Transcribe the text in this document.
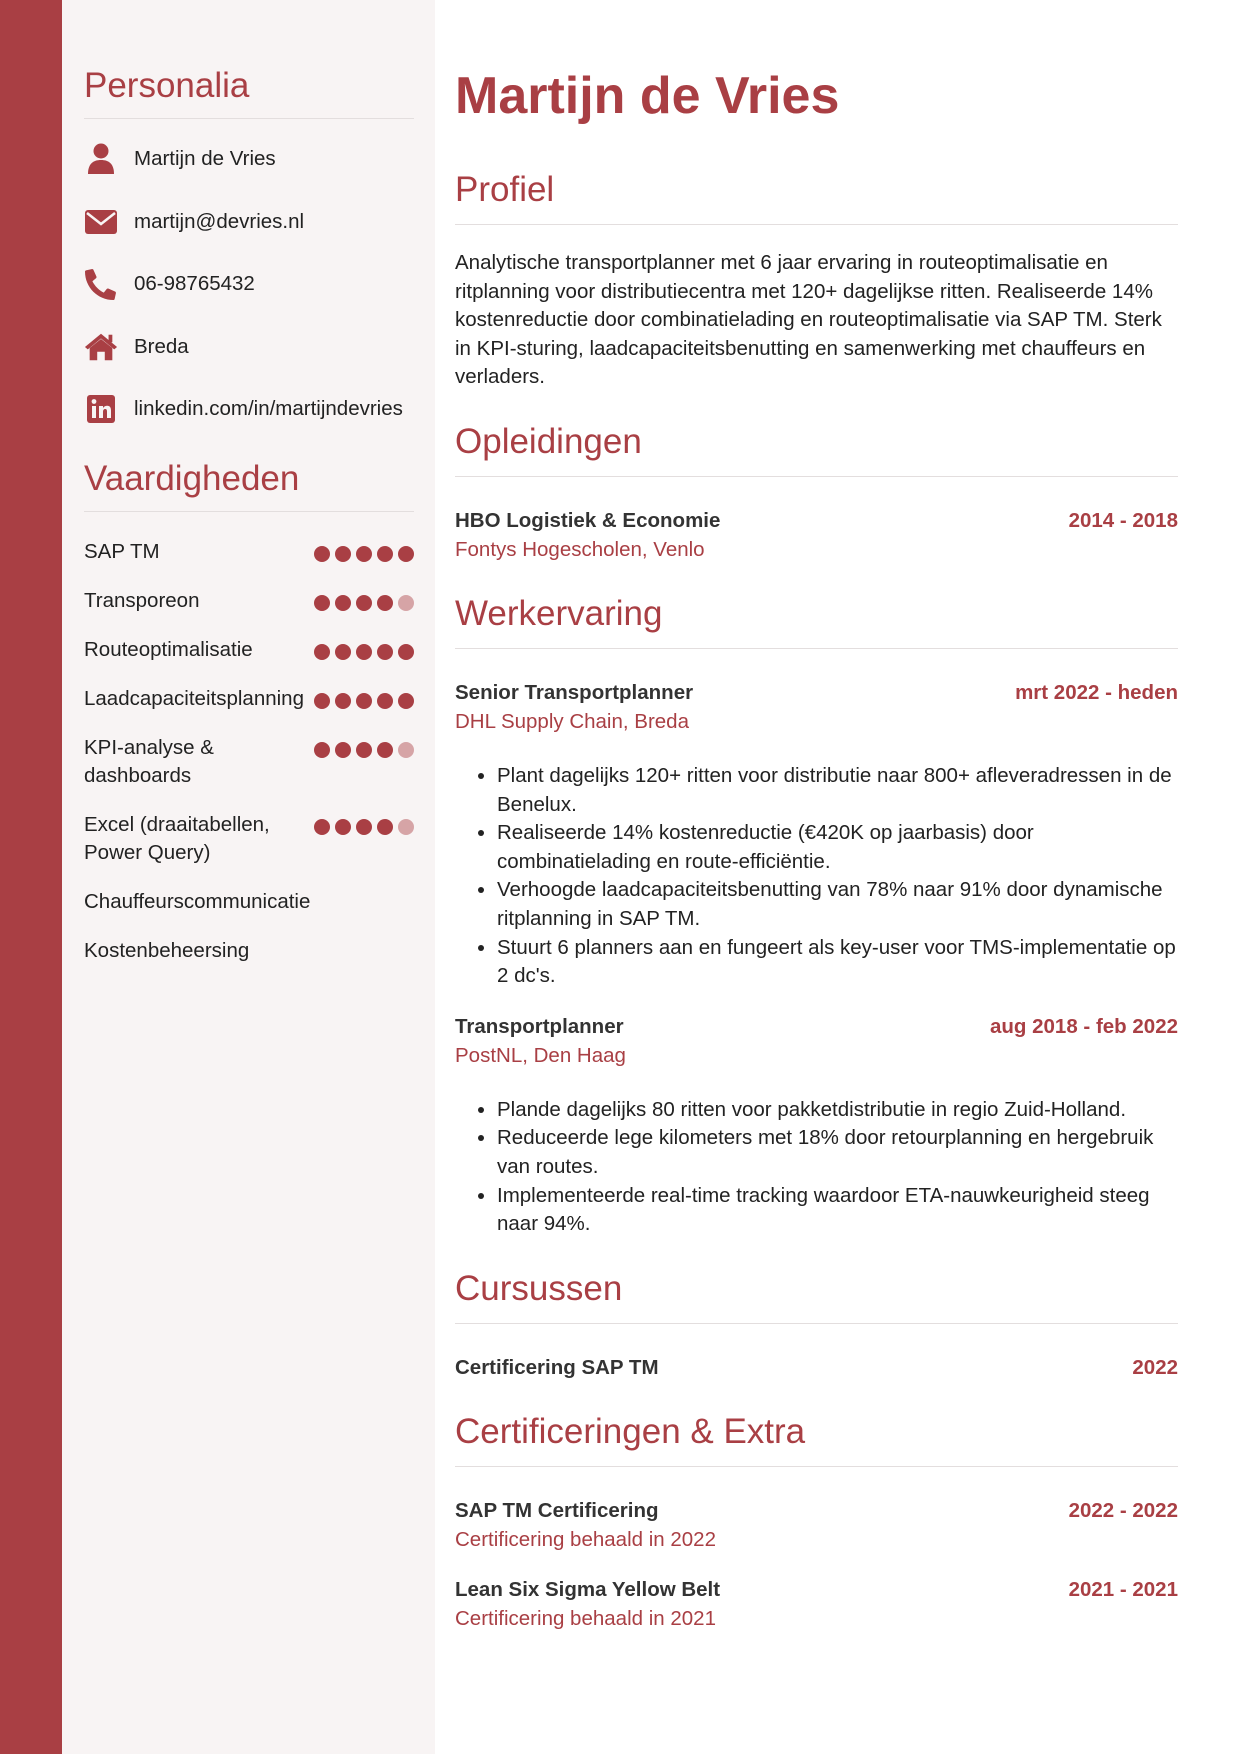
Personalia
Martijn de Vries
martijn@devries.nl
06-98765432
Breda
linkedin.com/in/martijndevries
Vaardigheden
SAP TM
Transporeon
Routeoptimalisatie
Laadcapaciteitsplanning
KPI-analyse & dashboards
Excel (draaitabellen, Power Query)
Chauffeurscommunicatie
Kostenbeheersing
Martijn de Vries
Profiel
Analytische transportplanner met 6 jaar ervaring in routeoptimalisatie en ritplanning voor distributiecentra met 120+ dagelijkse ritten. Realiseerde 14% kostenreductie door combinatielading en routeoptimalisatie via SAP TM. Sterk in KPI-sturing, laadcapaciteitsbenutting en samenwerking met chauffeurs en verladers.
Opleidingen
HBO Logistiek & Economie	2014 - 2018
Fontys Hogescholen, Venlo
Werkervaring
Senior Transportplanner	mrt 2022 - heden
DHL Supply Chain, Breda
• Plant dagelijks 120+ ritten voor distributie naar 800+ afleveradressen in de Benelux.
• Realiseerde 14% kostenreductie (€420K op jaarbasis) door combinatielading en route-efficiëntie.
• Verhoogde laadcapaciteitsbenutting van 78% naar 91% door dynamische ritplanning in SAP TM.
• Stuurt 6 planners aan en fungeert als key-user voor TMS-implementatie op 2 dc's.
Transportplanner	aug 2018 - feb 2022
PostNL, Den Haag
• Plande dagelijks 80 ritten voor pakketdistributie in regio Zuid-Holland.
• Reduceerde lege kilometers met 18% door retourplanning en hergebruik van routes.
• Implementeerde real-time tracking waardoor ETA-nauwkeurigheid steeg naar 94%.
Cursussen
Certificering SAP TM	2022
Certificeringen & Extra
SAP TM Certificering	2022 - 2022
Certificering behaald in 2022
Lean Six Sigma Yellow Belt	2021 - 2021
Certificering behaald in 2021
